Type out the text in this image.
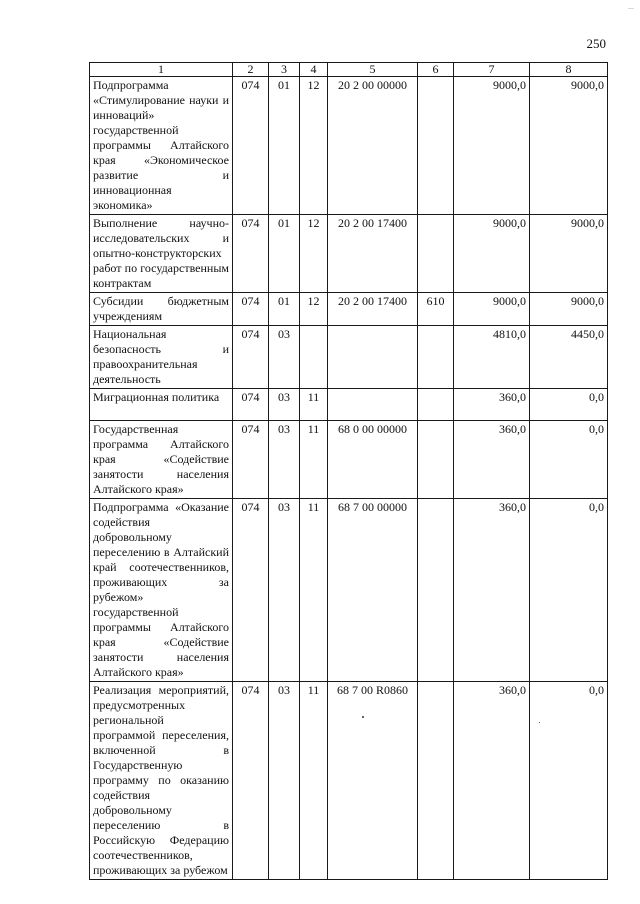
...
250
1	2	3	4	5	6	7	8
Подпрограмма «Стимулирование науки и инноваций» государственной программы Алтайского края «Экономическое развитие и инновационная экономика»	074	01	12	20 2 00 00000		9000,0	9000,0
Выполнение научно-исследовательских и опытно-конструкторских работ по государственным контрактам	074	01	12	20 2 00 17400		9000,0	9000,0
Субсидии бюджетным учреждениям	074	01	12	20 2 00 17400	610	9000,0	9000,0
Национальная безопасность и правоохранительная деятельность	074	03				4810,0	4450,0
Миграционная политика	074	03	11			360,0	0,0
Государственная программа Алтайского края «Содействие занятости населения Алтайского края»	074	03	11	68 0 00 00000		360,0	0,0
Подпрограмма «Оказание содействия добровольному переселению в Алтайский край соотечественников, проживающих за рубежом» государственной программы Алтайского края «Содействие занятости населения Алтайского края»	074	03	11	68 7 00 00000		360,0	0,0
Реализация мероприятий, предусмотренных региональной программой переселения, включенной в Государственную программу по оказанию содействия добровольному переселению в Российскую Федерацию соотечественников, проживающих за рубежом	074	03	11	68 7 00 R0860		360,0	0,0
